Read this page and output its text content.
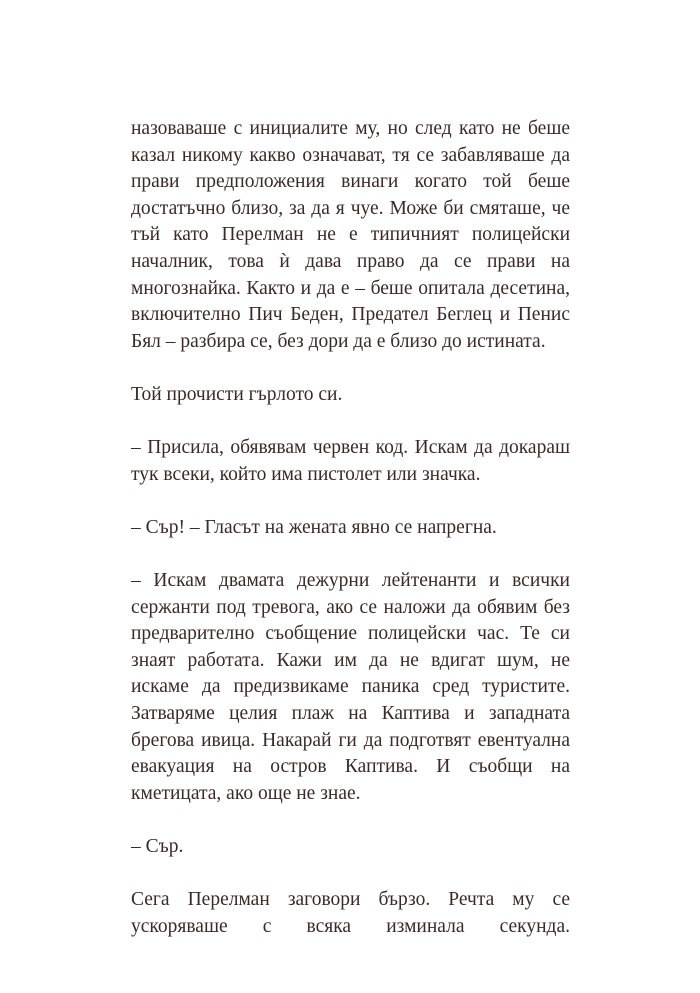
назоваваше с инициалите му, но след като не беше
казал никому какво означават, тя се забавляваше да
прави предположения винаги когато той беше
достатъчно близо, за да я чуе. Може би смяташе, че
тъй като Перелман не е типичният полицейски
началник, това ѝ дава право да се прави на
многознайка. Както и да е – беше опитала десетина,
включително Пич Беден, Предател Беглец и Пенис
Бял – разбира се, без дори да е близо до истината.
Той прочисти гърлото си.
– Присила, обявявам червен код. Искам да докараш
тук всеки, който има пистолет или значка.
– Сър! – Гласът на жената явно се напрегна.
– Искам двамата дежурни лейтенанти и всички
сержанти под тревога, ако се наложи да обявим без
предварително съобщение полицейски час. Те си
знаят работата. Кажи им да не вдигат шум, не
искаме да предизвикаме паника сред туристите.
Затваряме целия плаж на Каптива и западната
брегова ивица. Накарай ги да подготвят евентуална
евакуация на остров Каптива. И съобщи на
кметицата, ако още не знае.
– Сър.
Сега Перелман заговори бързо. Речта му се
ускоряваше с всяка изминала секунда.
